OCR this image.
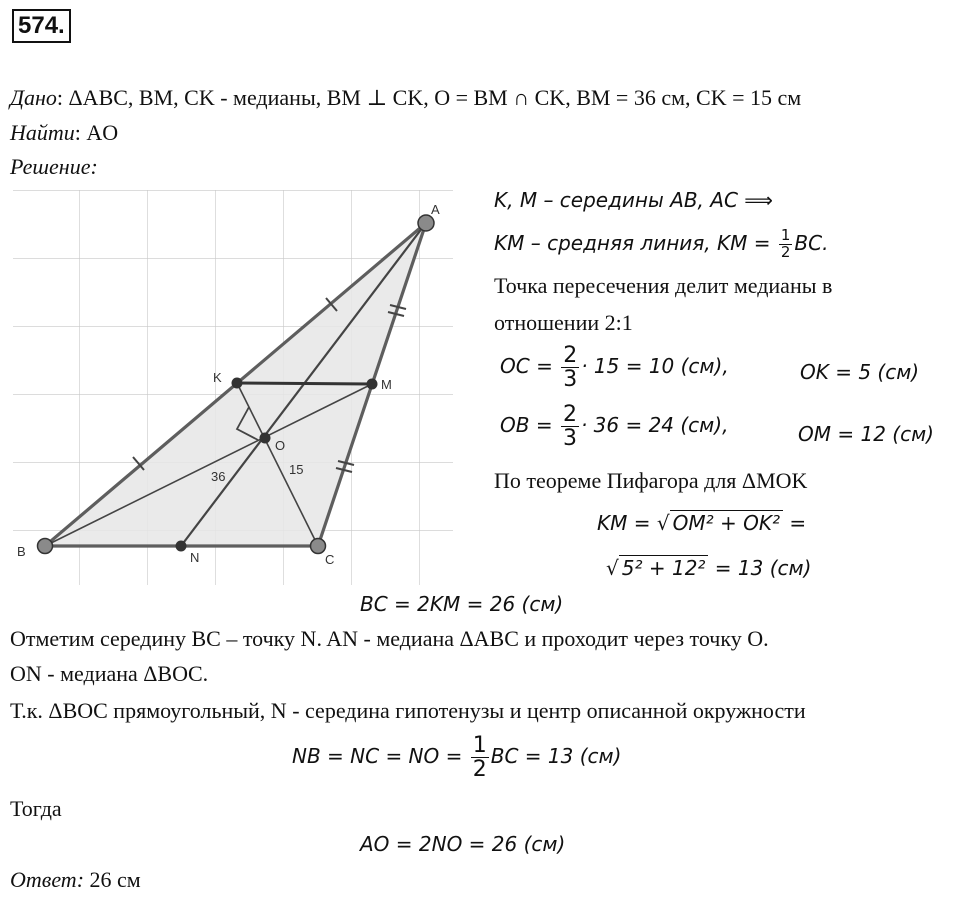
574.
Дано: ΔABC, BM, CK - медианы, BM ⊥ CK, O = BM ∩ CK, BM = 36 см, CK = 15 см
Найти: AO
Решение:
A
B
C
K	M
N
O
36	15
K, M – середины AB, AC ⟹
KM – средняя линия, KM = $\frac{1}{2}$ BC.
Точка пересечения делит медианы в
отношении 2:1
OC = $\frac{2}{3} \cdot 15 = 10$ (см),	OK = 5 (см)
OB = $\frac{2}{3} \cdot 36 = 24$ (см),	OM = 12 (см)
По теореме Пифагора для ΔMOK
KM = √ OM² + OK² =
√ 5² + 12² = 13 (см)
BC = 2KM = 26 (см)
Отметим середину BC – точку N. AN - медиана ΔABC и проходит через точку O.
ON - медиана ΔBOC.
Т.к. ΔBOC прямоугольный, N - середина гипотенузы и центр описанной окружности
NB = NC = NO = $\frac{1}{2}$ BC = 13 (см)
Тогда
AO = 2NO = 26 (см)
Ответ: 26 см
